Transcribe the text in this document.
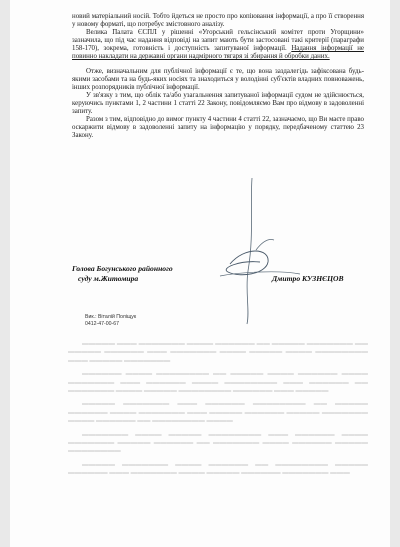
новий матеріальний носій. Тобто йдеться не просто про копіювання інформації, а про її створення у новому форматі, що потребує змістовного аналізу.

Велика Палата ЄСПЛ у рішенні «Угорський гельсінський комітет проти Угорщини» зазначила, що під час надання відповіді на запит мають бути застосовані такі критерії (параграфи 158-170), зокрема, готовність і доступність запитуваної інформації. Надання інформації не повинно накладати на державні органи надмірного тягаря зі збирання й обробки даних.

Отже, визначальним для публічної інформації є те, що вона заздалегідь зафіксована будь-якими засобами та на будь-яких носіях та знаходиться у володінні суб'єктів владних повноважень, інших розпорядників публічної інформації.

У зв'язку з тим, що облік та/або узагальнення запитуваної інформації судом не здійснюється, керуючись пунктами 1, 2 частини 1 статті 22 Закону, повідомляємо Вам про відмову в задоволенні запиту.

Разом з тим, відповідно до вимог пункту 4 частини 4 статті 22, зазначаємо, що Ви маєте право оскаржити відмову в задоволенні запиту на інформацію у порядку, передбаченому статтею 23 Закону.

▬▬▬▬▬ ▬▬▬ ▬▬▬▬▬▬▬ ▬▬▬▬ ▬▬▬▬▬▬ ▬▬ ▬▬▬▬▬ ▬▬▬▬▬▬▬ ▬▬ ▬▬▬▬▬ ▬▬▬▬▬▬ ▬▬▬ ▬▬▬▬▬▬▬ ▬▬▬▬ ▬▬▬▬▬ ▬▬▬▬ ▬▬▬▬▬▬▬▬ ▬▬▬ ▬▬▬▬▬ ▬▬▬▬▬▬▬

▬▬▬▬▬▬ ▬▬▬▬ ▬▬▬▬▬▬▬▬ ▬▬ ▬▬▬▬▬ ▬▬▬▬ ▬▬▬▬▬▬ ▬▬▬▬ ▬▬▬▬▬▬▬ ▬▬▬ ▬▬▬▬▬▬ ▬▬▬▬ ▬▬▬▬▬▬▬▬ ▬▬▬ ▬▬▬▬▬▬ ▬▬ ▬▬▬▬▬▬▬ ▬▬▬▬ ▬▬▬▬▬ ▬▬▬▬▬▬▬▬ ▬▬▬▬▬▬ ▬▬▬ ▬▬▬▬▬

▬▬▬▬▬ ▬▬▬▬▬▬▬ ▬▬▬ ▬▬▬▬▬▬ ▬▬▬▬▬▬▬▬ ▬▬ ▬▬▬▬▬ ▬▬▬▬▬▬ ▬▬▬▬ ▬▬▬▬▬▬▬ ▬▬▬ ▬▬▬▬▬ ▬▬▬▬▬▬ ▬▬▬▬▬ ▬▬▬▬▬▬▬ ▬▬▬▬ ▬▬▬▬▬▬ ▬▬ ▬▬▬▬▬▬▬▬ ▬▬▬▬

▬▬▬▬▬▬▬ ▬▬▬▬ ▬▬▬▬▬ ▬▬▬▬▬▬▬▬ ▬▬▬ ▬▬▬▬▬▬ ▬▬▬▬ ▬▬▬▬▬▬▬ ▬▬▬▬▬ ▬▬▬▬▬▬ ▬▬ ▬▬▬▬▬▬▬ ▬▬▬▬ ▬▬▬▬▬▬ ▬▬▬▬▬ ▬▬▬▬▬▬▬▬

▬▬▬▬▬ ▬▬▬▬▬▬▬ ▬▬▬▬ ▬▬▬▬▬▬ ▬▬ ▬▬▬▬▬▬▬▬ ▬▬▬▬▬ ▬▬▬▬▬▬ ▬▬▬ ▬▬▬▬▬▬▬ ▬▬▬▬ ▬▬▬▬▬ ▬▬▬▬▬▬ ▬▬▬▬▬▬▬ ▬▬▬

Голова Богунського районного
суду м.Житомира	Дмитро КУЗНЄЦОВ
Вик.: Віталій Поліщук
0412-47-00-67
